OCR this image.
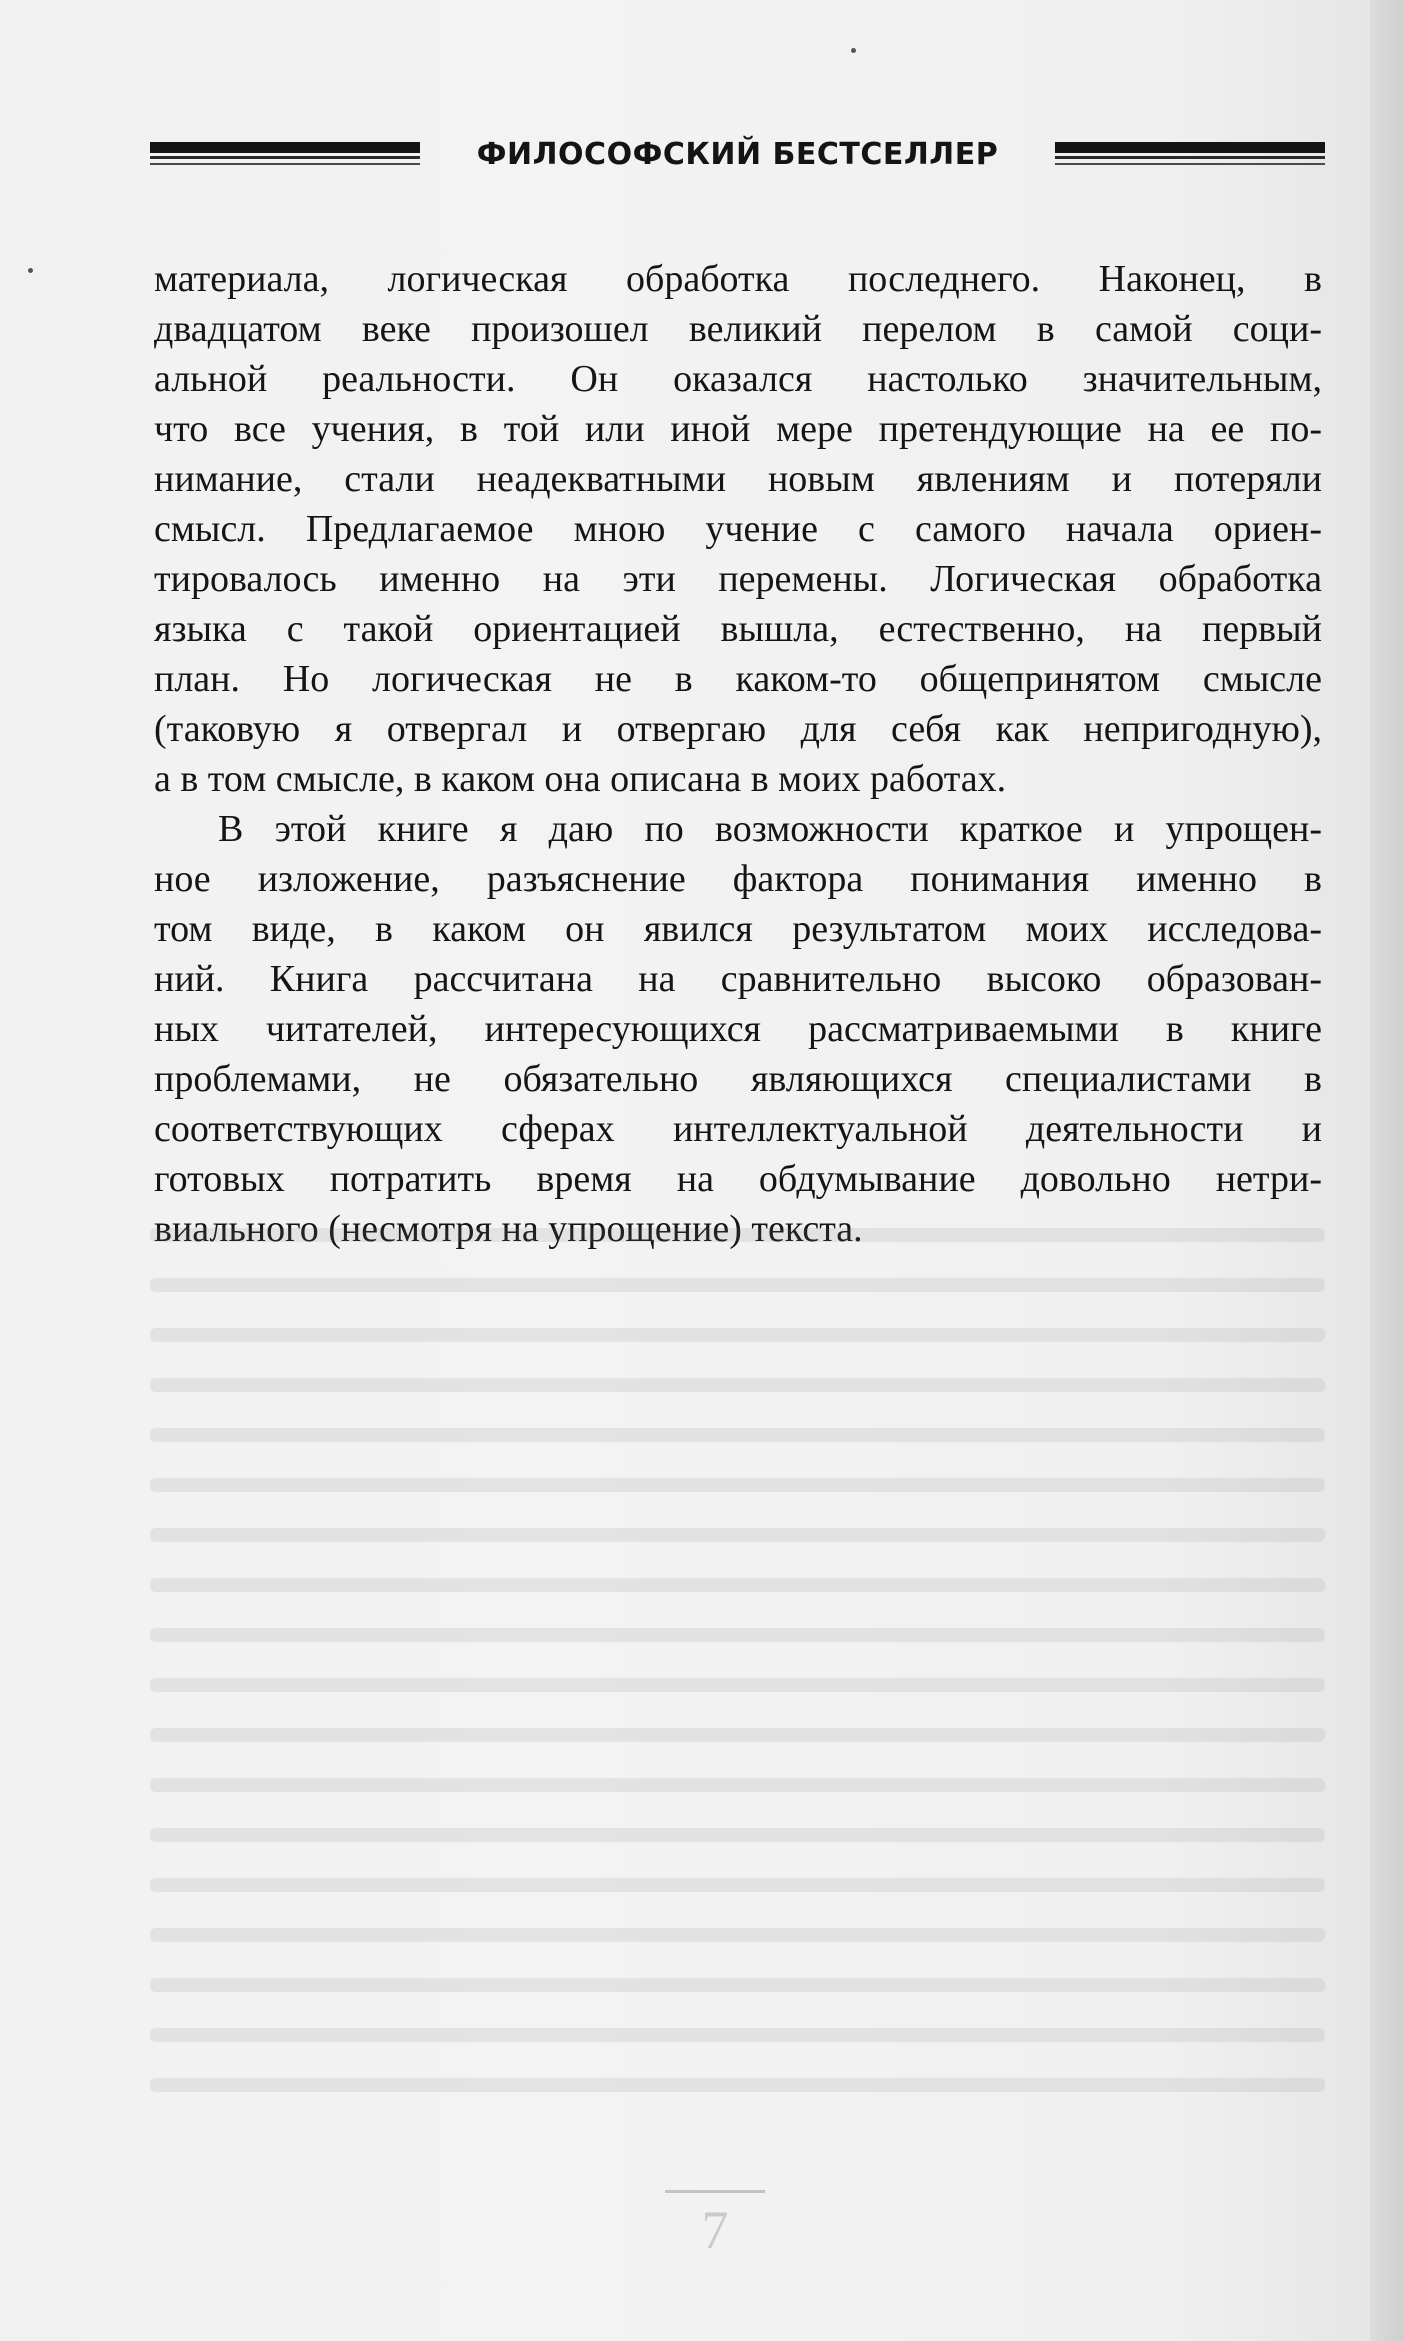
ФИЛОСОФСКИЙ БЕСТСЕЛЛЕР
материала, логическая обработка последнего. Наконец, в
двадцатом веке произошел великий перелом в самой соци-
альной реальности. Он оказался настолько значительным,
что все учения, в той или иной мере претендующие на ее по-
нимание, стали неадекватными новым явлениям и потеряли
смысл. Предлагаемое мною учение с самого начала ориен-
тировалось именно на эти перемены. Логическая обработка
языка с такой ориентацией вышла, естественно, на первый
план. Но логическая не в каком-то общепринятом смысле
(таковую я отвергал и отвергаю для себя как непригодную),
а в том смысле, в каком она описана в моих работах.
В этой книге я даю по возможности краткое и упрощен-
ное изложение, разъяснение фактора понимания именно в
том виде, в каком он явился результатом моих исследова-
ний. Книга рассчитана на сравнительно высоко образован-
ных читателей, интересующихся рассматриваемыми в книге
проблемами, не обязательно являющихся специалистами в
соответствующих сферах интеллектуальной деятельности и
готовых потратить время на обдумывание довольно нетри-
виального (несмотря на упрощение) текста.
7
